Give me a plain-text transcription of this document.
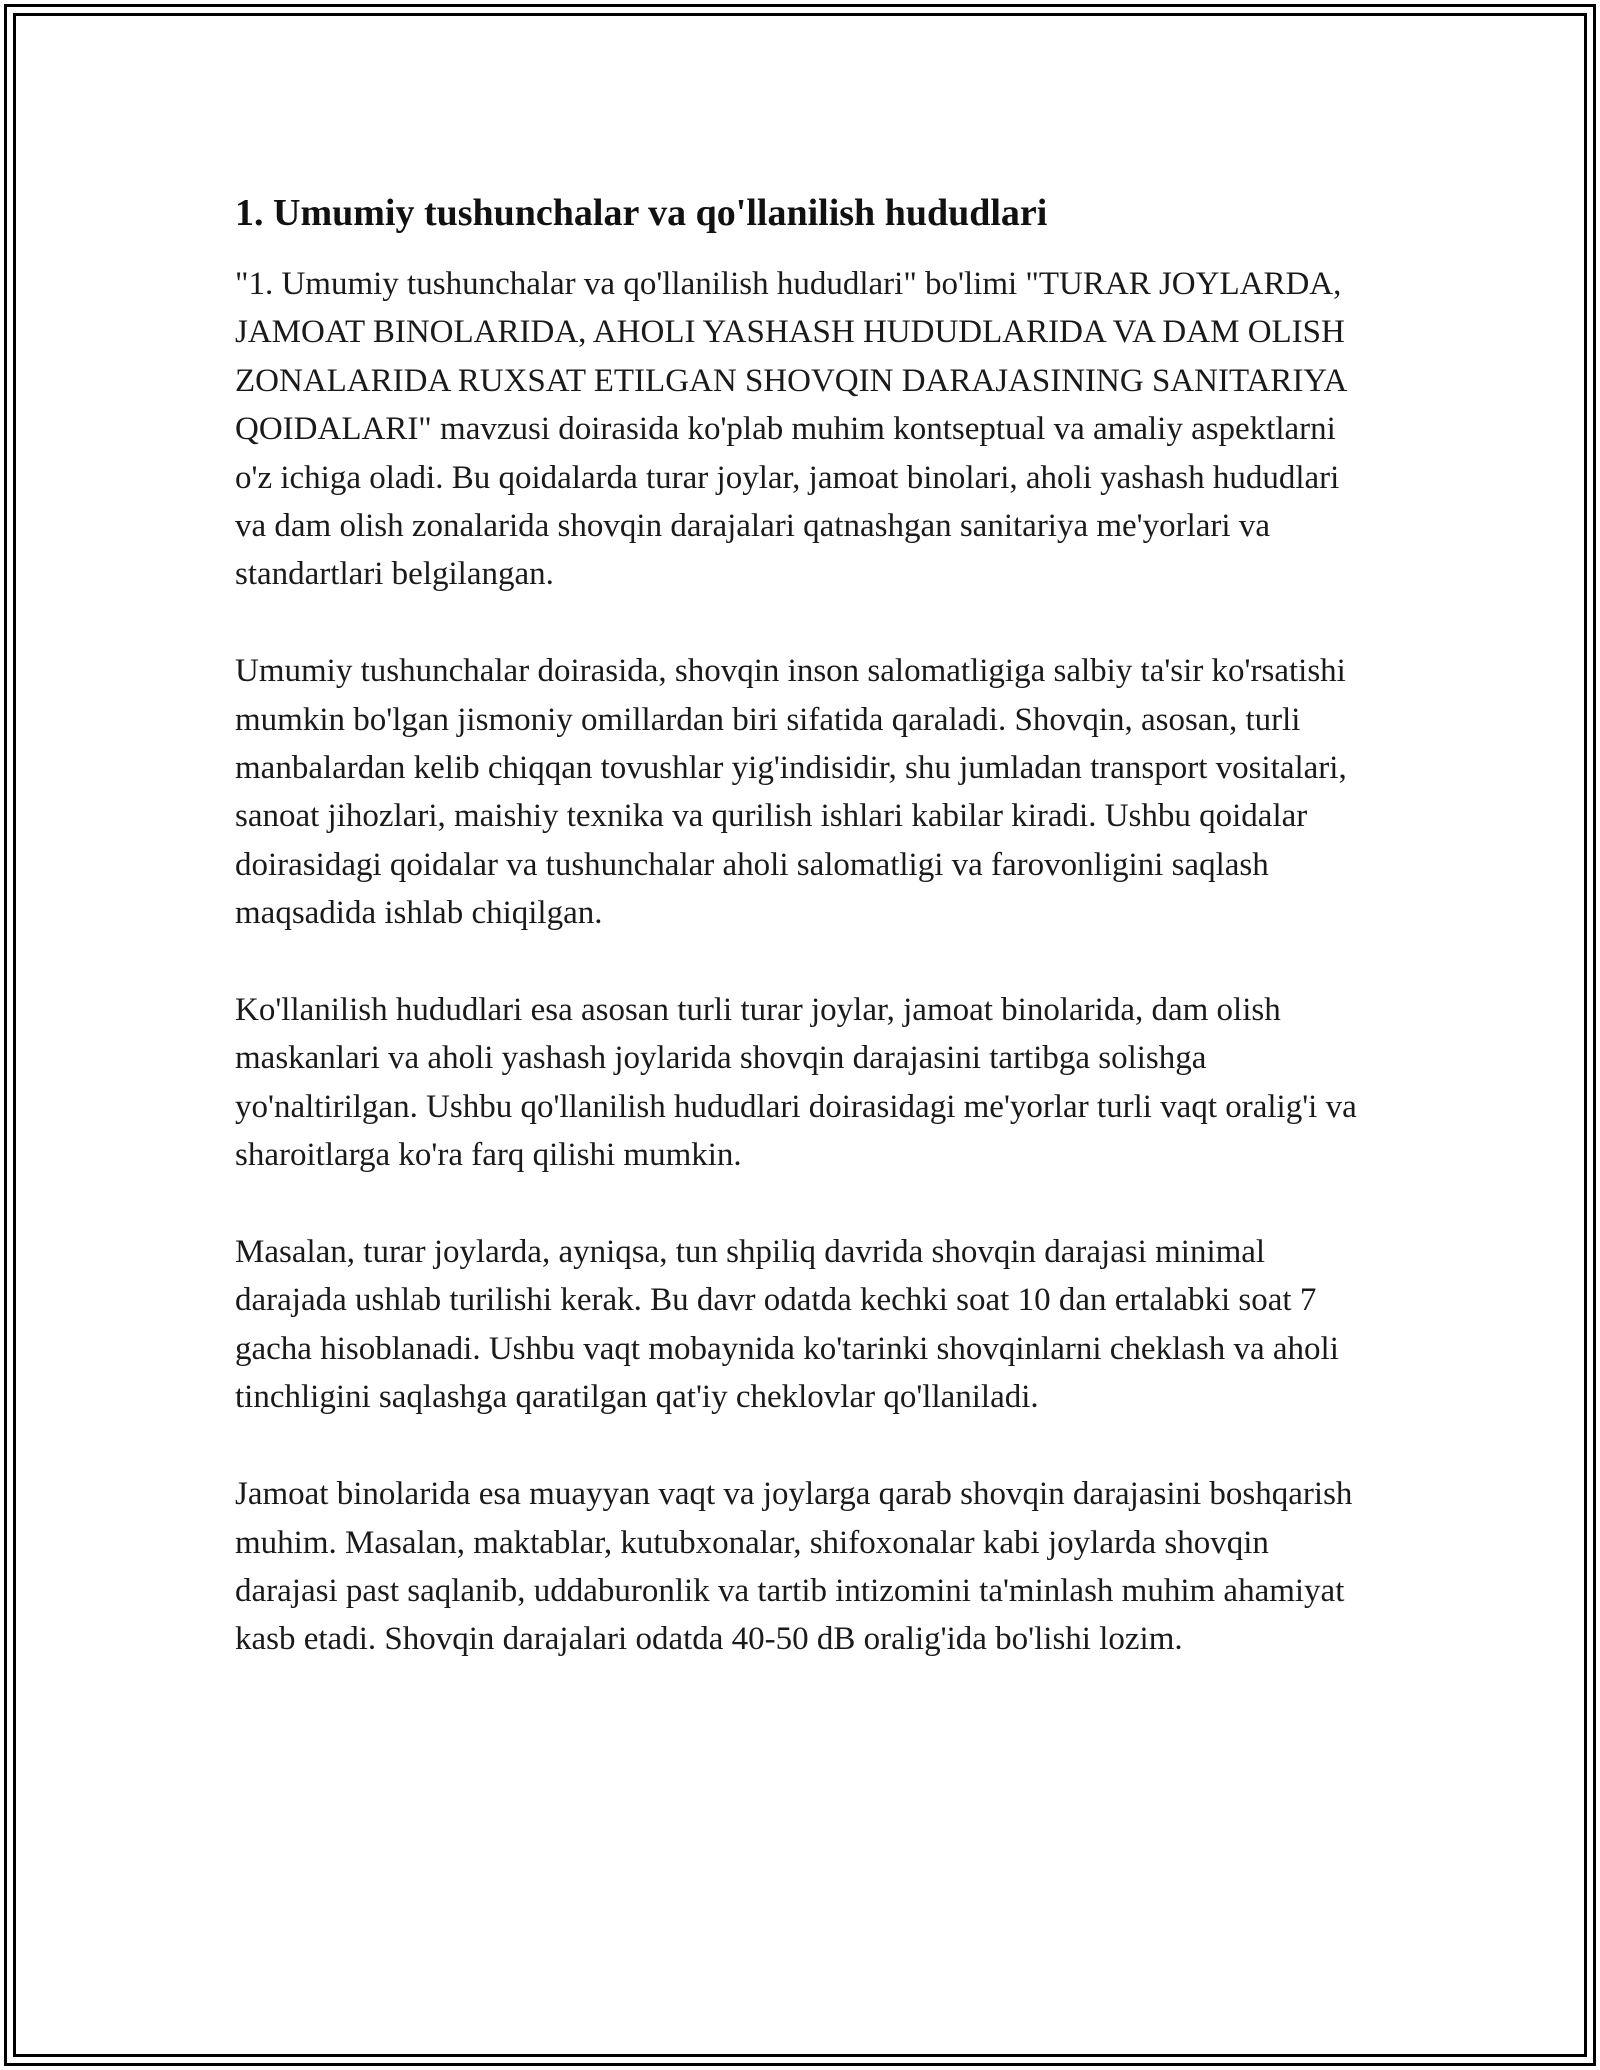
1. Umumiy tushunchalar va qo'llanilish hududlari

"1. Umumiy tushunchalar va qo'llanilish hududlari" bo'limi "TURAR JOYLARDA, JAMOAT BINOLARIDA, AHOLI YASHASH HUDUDLARIDA VA DAM OLISH ZONALARIDA RUXSAT ETILGAN SHOVQIN DARAJASINING SANITARIYA QOIDALARI" mavzusi doirasida ko'plab muhim kontseptual va amaliy aspektlarni o'z ichiga oladi. Bu qoidalarda turar joylar, jamoat binolari, aholi yashash hududlari va dam olish zonalarida shovqin darajalari qatnashgan sanitariya me'yorlari va standartlari belgilangan.

Umumiy tushunchalar doirasida, shovqin inson salomatligiga salbiy ta'sir ko'rsatishi mumkin bo'lgan jismoniy omillardan biri sifatida qaraladi. Shovqin, asosan, turli manbalardan kelib chiqqan tovushlar yig'indisidir, shu jumladan transport vositalari, sanoat jihozlari, maishiy texnika va qurilish ishlari kabilar kiradi. Ushbu qoidalar doirasidagi qoidalar va tushunchalar aholi salomatligi va farovonligini saqlash maqsadida ishlab chiqilgan.

Ko'llanilish hududlari esa asosan turli turar joylar, jamoat binolarida, dam olish maskanlari va aholi yashash joylarida shovqin darajasini tartibga solishga yo'naltirilgan. Ushbu qo'llanilish hududlari doirasidagi me'yorlar turli vaqt oralig'i va sharoitlarga ko'ra farq qilishi mumkin.

Masalan, turar joylarda, ayniqsa, tun shpiliq davrida shovqin darajasi minimal darajada ushlab turilishi kerak. Bu davr odatda kechki soat 10 dan ertalabki soat 7 gacha hisoblanadi. Ushbu vaqt mobaynida ko'tarinki shovqinlarni cheklash va aholi tinchligini saqlashga qaratilgan qat'iy cheklovlar qo'llaniladi.

Jamoat binolarida esa muayyan vaqt va joylarga qarab shovqin darajasini boshqarish muhim. Masalan, maktablar, kutubxonalar, shifoxonalar kabi joylarda shovqin darajasi past saqlanib, uddaburonlik va tartib intizomini ta'minlash muhim ahamiyat kasb etadi. Shovqin darajalari odatda 40-50 dB oralig'ida bo'lishi lozim.
